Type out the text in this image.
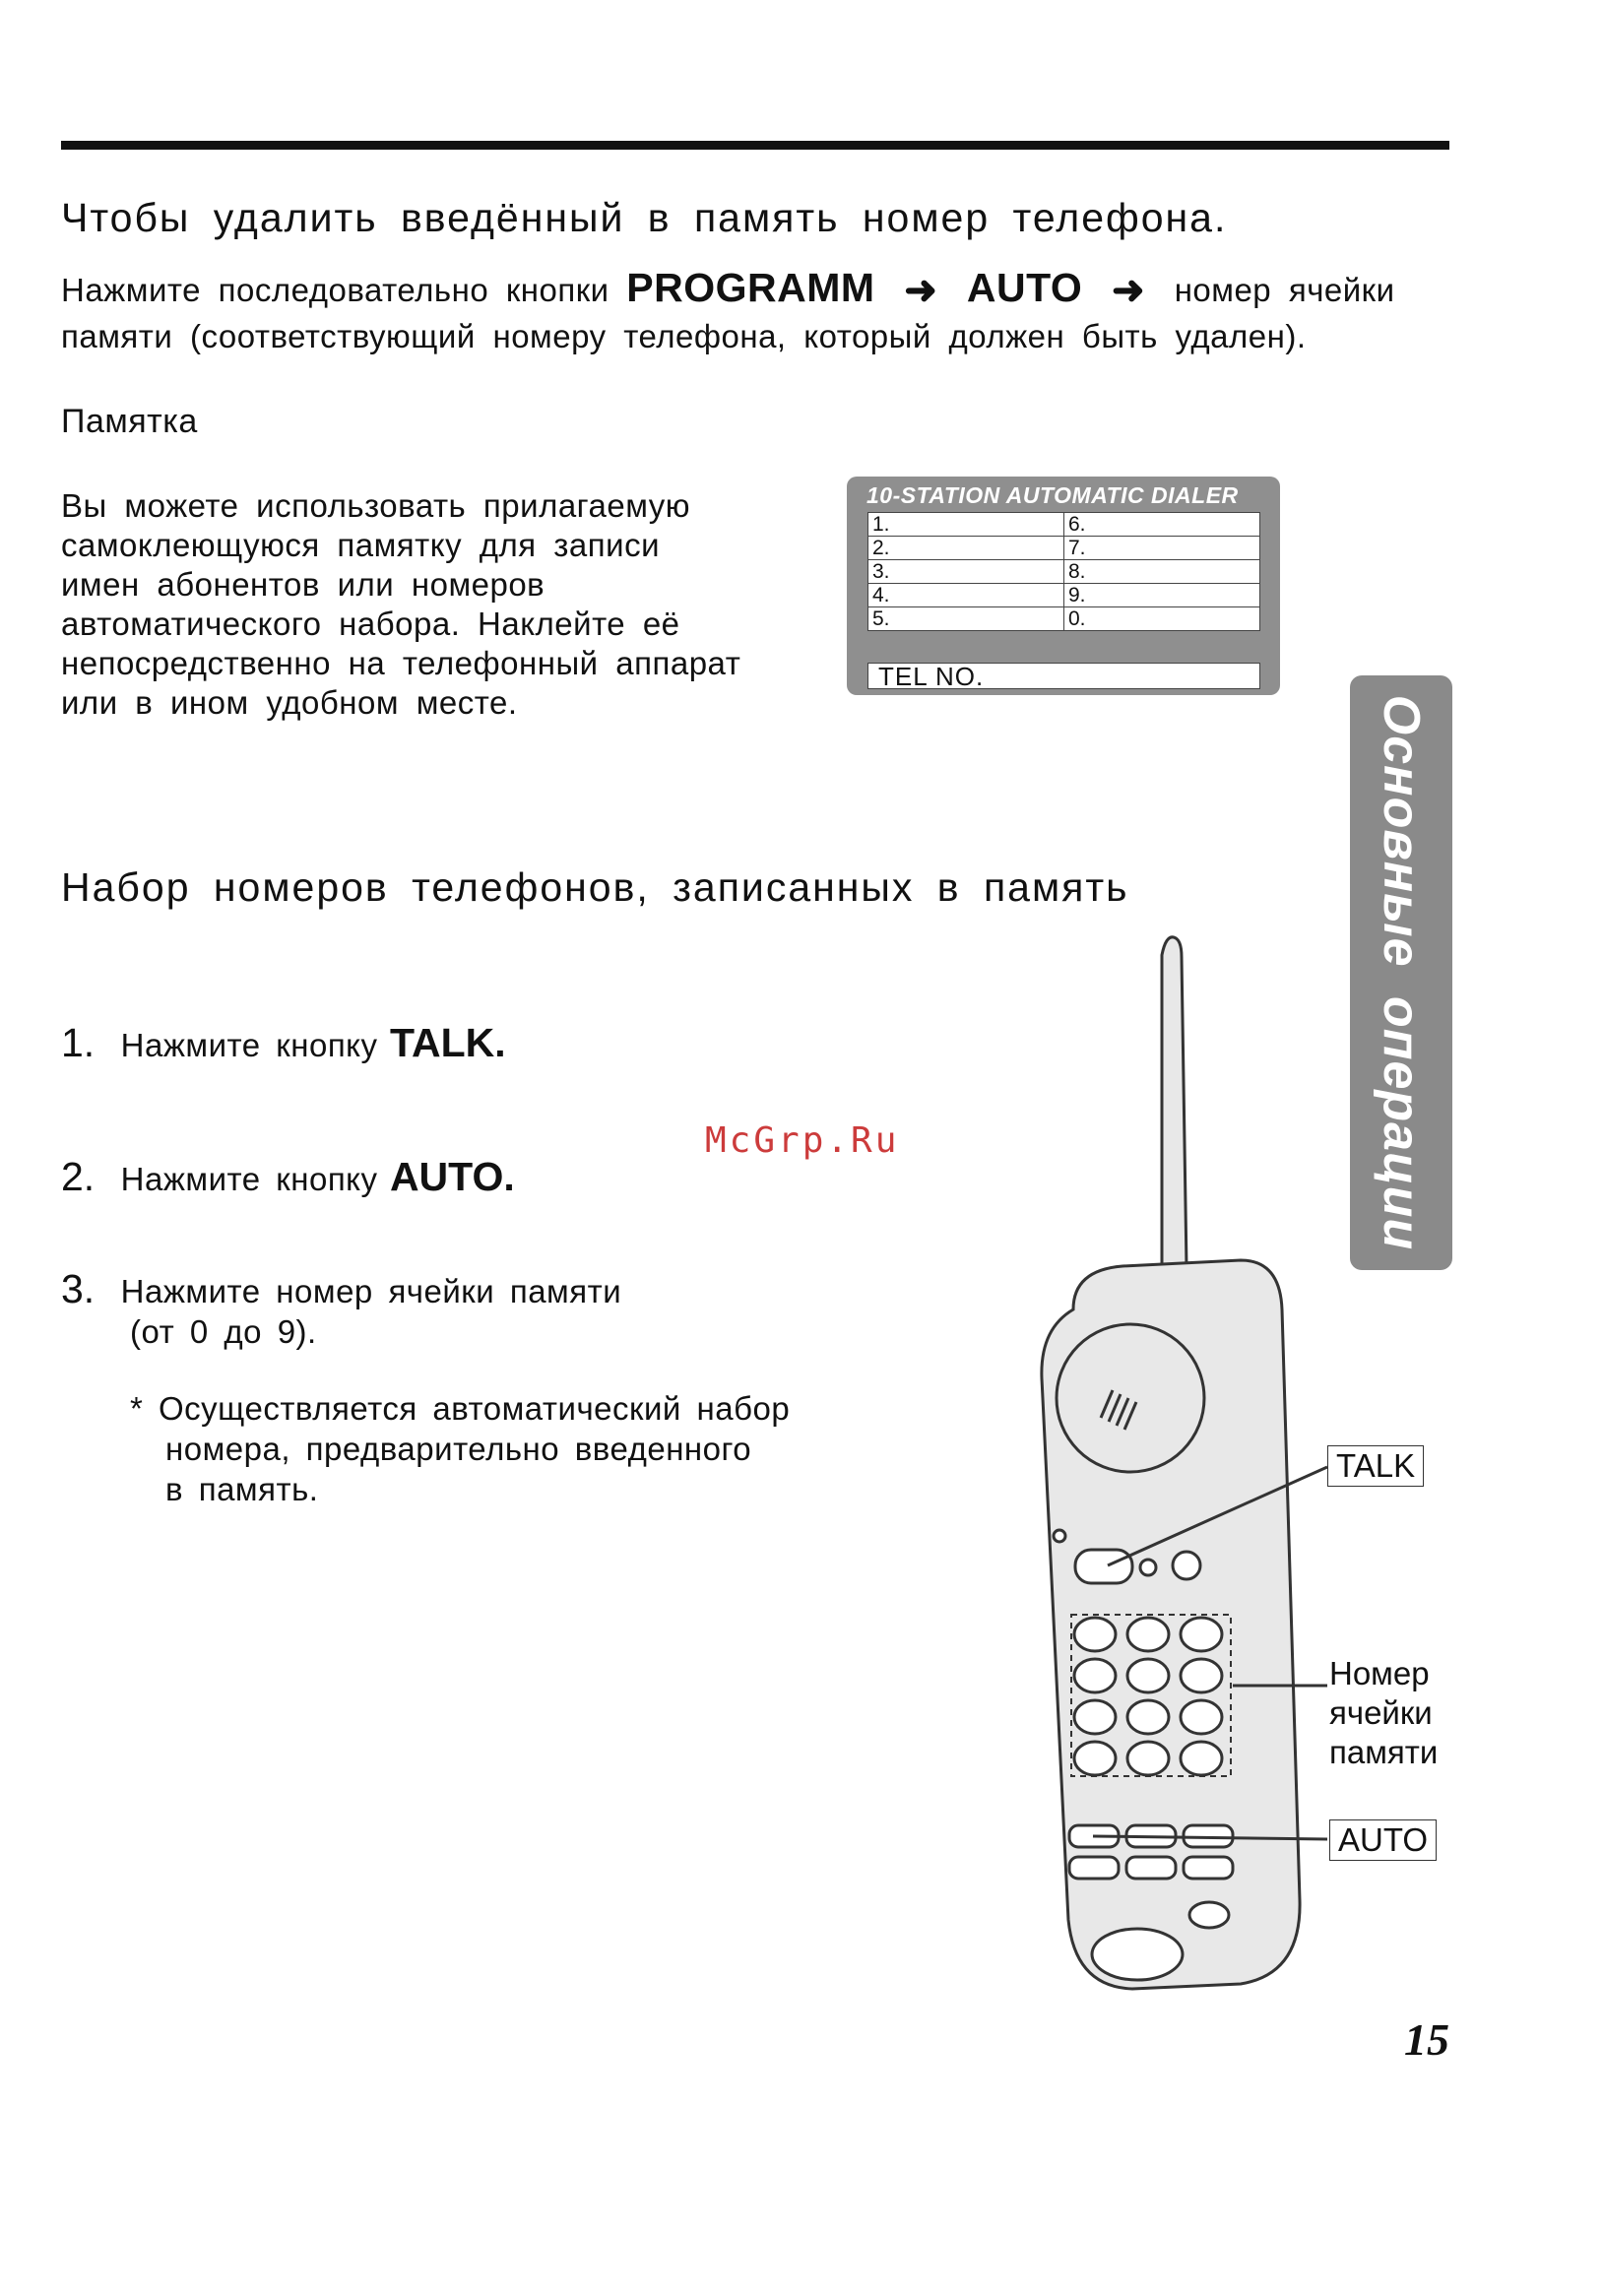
Чтобы удалить введённый в память номер телефона.
Нажмите последовательно кнопки PROGRAMM ➜ AUTO ➜ номер ячейки
памяти (соответствующий номеру телефона, который должен быть удален).
Памятка
Вы можете использовать прилагаемую
самоклеющуюся памятку для записи
имен абонентов или номеров
автоматического набора. Наклейте её
непосредственно на телефонный аппарат
или в ином удобном месте.
10-STATION AUTOMATIC DIALER
1.	6.
2.	7.
3.	8.
4.	9.
5.	0.
TEL NO.
Основные операции
Набор номеров телефонов, записанных в память
1. Нажмите кнопку TALK.
2. Нажмите кнопку AUTO.
3. Нажмите номер ячейки памяти
(от 0 до 9).
* Осуществляется автоматический набор
номера, предварительно введенного
в память.
McGrp.Ru
TALK
Номер
ячейки
памяти
AUTO
15
